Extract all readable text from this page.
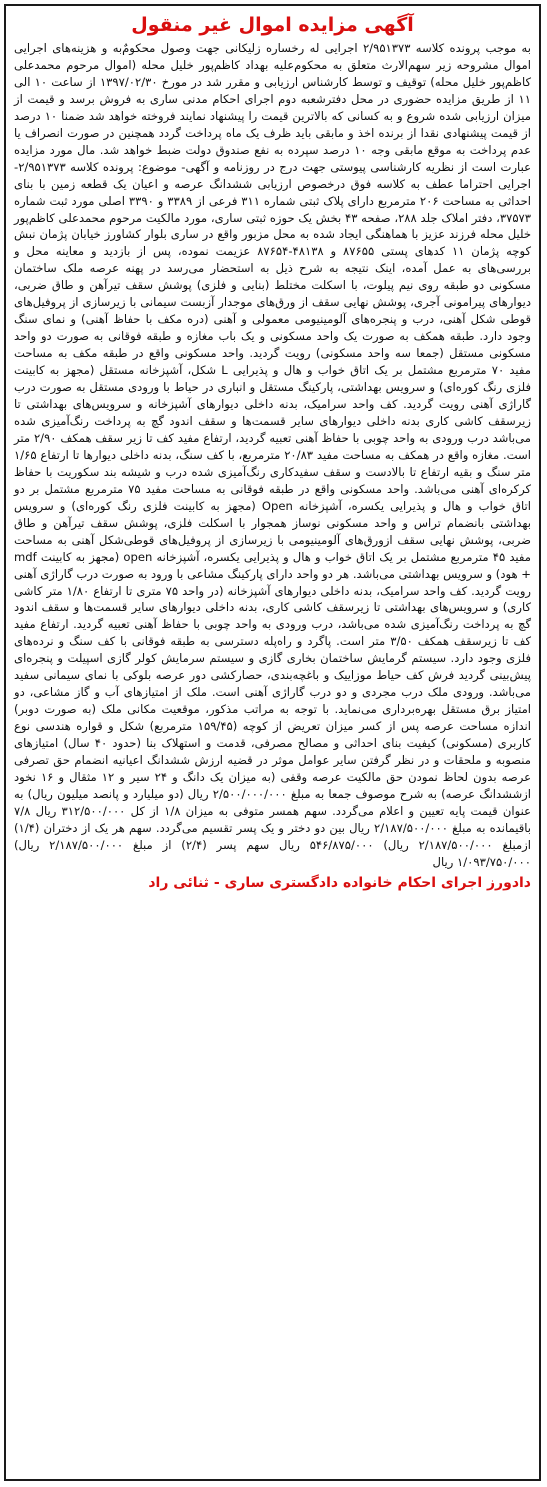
آگهی مزایده اموال غیر منقول

به موجب پرونده کلاسه ۲/۹۵۱۳۷۳ اجرایی له رخساره زلیکانی جهت وصول محکومٌ‌به و هزینه‌های اجرایی اموال مشروحه زیر سهم‌الارث متعلق به محکوم‌علیه بهداد کاظم‌پور خلیل محله (اموال مرحوم محمدعلی کاظم‌پور خلیل محله) توقیف و توسط کارشناس ارزیابی و مقرر شد در مورخ ۱۳۹۷/۰۲/۳۰ از ساعت ۱۰ الی ۱۱ از طریق مزایده حضوری در محل دفترشعبه دوم اجرای احکام مدنی ساری به فروش برسد و قیمت از میزان ارزیابی شده شروع و به کسانی که بالاترین قیمت را پیشنهاد نمایند فروخته خواهد شد ضمنا ۱۰ درصد از قیمت پیشنهادی نقدا از برنده اخذ و مابقی باید ظرف یک ماه پرداخت گردد همچنین در صورت انصراف یا عدم پرداخت به موقع مابقی وجه ۱۰ درصد سپرده به نفع صندوق دولت ضبط خواهد شد. مال مورد مزایده عبارت است از نظریه کارشناسی پیوستی جهت درج در روزنامه و آگهی- موضوع: پرونده کلاسه ۲/۹۵۱۳۷۳- اجرایی احتراما عطف به کلاسه فوق درخصوص ارزیابی ششدانگ عرصه و اعیان یک قطعه زمین با بنای احداثی به مساحت ۲۰۶ مترمربع دارای پلاک ثبتی شماره ۳۱۱ فرعی از ۳۳۸۹ و ۳۳۹۰ اصلی مورد ثبت شماره ۳۷۵۷۳، دفتر املاک جلد ۲۸۸، صفحه ۴۳ بخش یک حوزه ثبتی ساری، مورد مالکیت مرحوم محمدعلی کاظم‌پور خلیل محله فرزند عزیز با هماهنگی ایجاد شده به محل مزبور واقع در ساری بلوار کشاورز خیابان پژمان نبش کوچه پژمان ۱۱ کدهای پستی ۸۷۶۵۵ و ۴۸۱۳۸-۸۷۶۵۴ عزیمت نموده، پس از بازدید و معاینه محل و بررسی‌های به عمل آمده، اینک نتیجه به شرح ذیل به استحضار می‌رسد در پهنه عرصه ملک ساختمان مسکونی دو طبقه روی نیم پیلوت، با اسکلت مختلط (بنایی و فلزی) پوشش سقف تیرآهن و طاق ضربی، دیوارهای پیرامونی آجری، پوشش نهایی سقف از ورق‌های موجدار آزبست سیمانی با زیرسازی از پروفیل‌های قوطی شکل آهنی، درب و پنجره‌های آلومینیومی معمولی و آهنی (دره مکف با حفاظ آهنی) و نمای سنگ وجود دارد. طبقه همکف به صورت یک واحد مسکونی و یک باب مغازه و طبقه فوقانی به صورت دو واحد مسکونی مستقل (جمعا سه واحد مسکونی) رویت گردید. واحد مسکونی واقع در طبقه مکف به مساحت مفید ۷۰ مترمربع مشتمل بر یک اتاق خواب و هال و پذیرایی L شکل، آشپزخانه مستقل (مجهز به کابینت فلزی رنگ کوره‌ای) و سرویس بهداشتی، پارکینگ مستقل و انباری در حیاط با ورودی مستقل به صورت درب گاراژی آهنی رویت گردید. کف واحد سرامیک، بدنه داخلی دیوارهای آشپزخانه و سرویس‌های بهداشتی تا زیرسقف کاشی کاری بدنه داخلی دیوارهای سایر قسمت‌ها و سقف اندود گچ به پرداخت رنگ‌آمیزی شده می‌باشد درب ورودی به واحد چوبی با حفاظ آهنی تعبیه گردید، ارتفاع مفید کف تا زیر سقف همکف ۲/۹۰ متر است. مغازه واقع در همکف به مساحت مفید ۲۰/۸۳ مترمربع، با کف سنگ، بدنه داخلی دیوارها تا ارتفاع ۱/۶۵ متر سنگ و بقیه ارتفاع تا بالادست و سقف سفیدکاری رنگ‌آمیزی شده درب و شیشه بند سکوریت با حفاظ کرکره‌ای آهنی می‌باشد. واحد مسکونی واقع در طبقه فوقانی به مساحت مفید ۷۵ مترمربع مشتمل بر دو اتاق خواب و هال و پذیرایی یکسره، آشپزخانه Open (مجهز به کابینت فلزی رنگ کوره‌ای) و سرویس بهداشتی بانضمام تراس و واحد مسکونی نوساز همجوار با اسکلت فلزی، پوشش سقف تیرآهن و طاق ضربی، پوشش نهایی سقف ازورق‌های آلومینیومی با زیرسازی از پروفیل‌های قوطی‌شکل آهنی به مساحت مفید ۴۵ مترمربع مشتمل بر یک اتاق خواب و هال و پذیرایی یکسره، آشپزخانه open (مجهز به کابینت mdf + هود) و سرویس بهداشتی می‌باشد. هر دو واحد دارای پارکینگ مشاعی با ورود به صورت درب گاراژی آهنی رویت گردید. کف واحد سرامیک، بدنه داخلی دیوارهای آشپزخانه (در واحد ۷۵ متری تا ارتفاع ۱/۸۰ متر کاشی کاری) و سرویس‌های بهداشتی تا زیرسقف کاشی کاری، بدنه داخلی دیوارهای سایر قسمت‌ها و سقف اندود گچ به پرداخت رنگ‌آمیزی شده می‌باشد، درب ورودی به واحد چوبی با حفاظ آهنی تعبیه گردید. ارتفاع مفید کف تا زیرسقف همکف ۳/۵۰ متر است. پاگرد و راه‌پله دسترسی به طبقه فوقانی با کف سنگ و نرده‌های فلزی وجود دارد. سیستم گرمایش ساختمان بخاری گازی و سیستم سرمایش کولر گازی اسپیلت و پنجره‌ای پیش‌بینی گردید فرش کف حیاط موزاییک و باغچه‌بندی، حصارکشی دور عرصه بلوکی با نمای سیمانی سفید می‌باشد. ورودی ملک درب مجردی و دو درب گاراژی آهنی است. ملک از امتیازهای آب و گاز مشاعی، دو امتیاز برق مستقل بهره‌برداری می‌نماید. با توجه به مراتب مذکور، موقعیت مکانی ملک (به صورت دوبر) اندازه مساحت عرصه پس از کسر میزان تعریض از کوچه (۱۵۹/۴۵ مترمربع) شکل و قواره هندسی نوع کاربری (مسکونی) کیفیت بنای احداثی و مصالح مصرفی، قدمت و استهلاک بنا (حدود ۴۰ سال) امتیازهای منصوبه و ملحقات و در نظر گرفتن سایر عوامل موثر در قضیه ارزش ششدانگ اعیانیه انضمام حق تصرفی عرصه بدون لحاظ نمودن حق مالکیت عرصه وقفی (به میزان یک دانگ و ۲۴ سیر و ۱۲ مثقال و ۱۶ نخود ازششدانگ عرصه) به شرح موصوف جمعا به مبلغ ۲/۵۰۰/۰۰۰/۰۰۰ ریال (دو میلیارد و پانصد میلیون ریال) به عنوان قیمت پایه تعیین و اعلام می‌گردد. سهم همسر متوفی به میزان ۱/۸ از کل ۳۱۲/۵۰۰/۰۰۰ ریال ۷/۸ باقیمانده به مبلغ ۲/۱۸۷/۵۰۰/۰۰۰ ریال بین دو دختر و یک پسر تقسیم می‌گردد. سهم هر یک از دختران (۱/۴) ازمبلغ ۲/۱۸۷/۵۰۰/۰۰۰ ریال) ۵۴۶/۸۷۵/۰۰۰ ریال سهم پسر (۲/۴) از مبلغ ۲/۱۸۷/۵۰۰/۰۰۰ ریال) ۱/۰۹۳/۷۵۰/۰۰۰ ریال

دادورز اجرای احکام خانواده دادگستری ساری - ثنائی راد
